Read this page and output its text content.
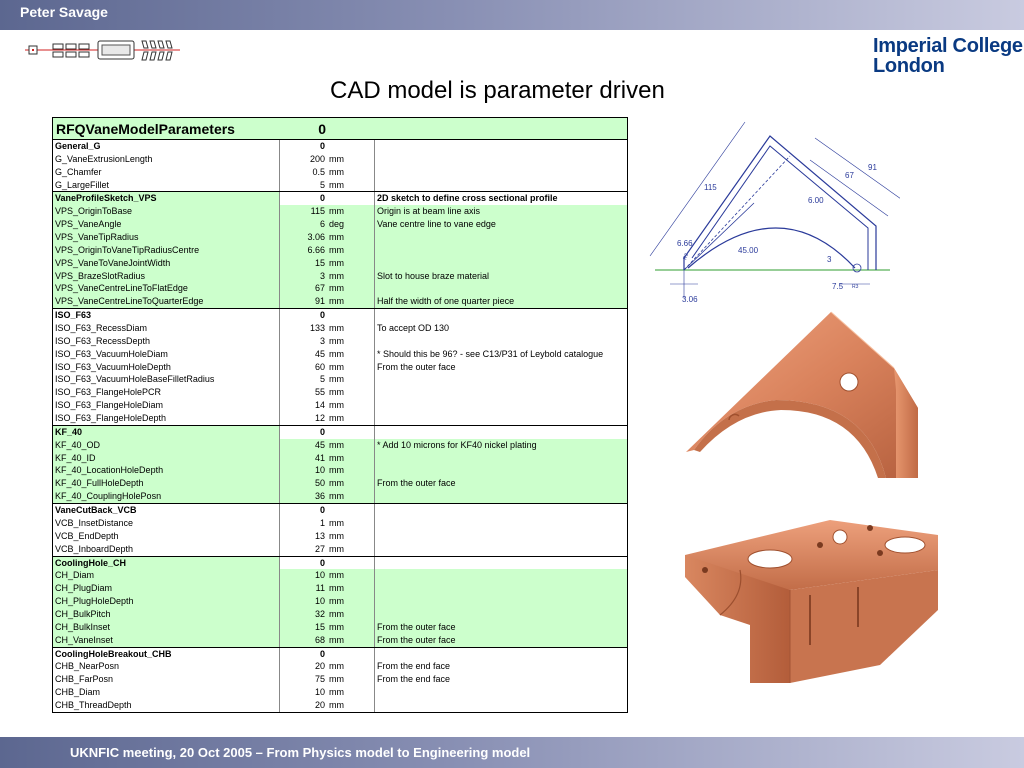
Peter Savage
Imperial College
London
CAD model is parameter driven
RFQVaneModelParameters	0
General_G	0
G_VaneExtrusionLength	200 mm
G_Chamfer	0.5 mm
G_LargeFillet	5 mm
VaneProfileSketch_VPS	0	2D sketch to define cross sectional profile
VPS_OriginToBase	115 mm	Origin is at beam line axis
VPS_VaneAngle	6 deg	Vane centre line to vane edge
VPS_VaneTipRadius	3.06 mm
VPS_OriginToVaneTipRadiusCentre	6.66 mm
VPS_VaneToVaneJointWidth	15 mm
VPS_BrazeSlotRadius	3 mm	Slot to house braze material
VPS_VaneCentreLineToFlatEdge	67 mm
VPS_VaneCentreLineToQuarterEdge	91 mm	Half the width of one quarter piece
ISO_F63	0
ISO_F63_RecessDiam	133 mm	To accept OD 130
ISO_F63_RecessDepth	3 mm
ISO_F63_VacuumHoleDiam	45 mm	* Should this be 96? - see C13/P31 of Leybold catalogue
ISO_F63_VacuumHoleDepth	60 mm	From the outer face
ISO_F63_VacuumHoleBaseFilletRadius	5 mm
ISO_F63_FlangeHolePCR	55 mm
ISO_F63_FlangeHoleDiam	14 mm
ISO_F63_FlangeHoleDepth	12 mm
KF_40	0
KF_40_OD	45 mm	* Add 10 microns for KF40 nickel plating
KF_40_ID	41 mm
KF_40_LocationHoleDepth	10 mm
KF_40_FullHoleDepth	50 mm	From the outer face
KF_40_CouplingHolePosn	36 mm
VaneCutBack_VCB	0
VCB_InsetDistance	1 mm
VCB_EndDepth	13 mm
VCB_InboardDepth	27 mm
CoolingHole_CH	0
CH_Diam	10 mm
CH_PlugDiam	11 mm
CH_PlugHoleDepth	10 mm
CH_BulkPitch	32 mm
CH_BulkInset	15 mm	From the outer face
CH_VaneInset	68 mm	From the outer face
CoolingHoleBreakout_CHB	0
CHB_NearPosn	20 mm	From the end face
CHB_FarPosn	75 mm	From the end face
CHB_Diam	10 mm
CHB_ThreadDepth	20 mm
115
91
67
6.00
45.00
6.66
3
7.5
3.06
R3
R3
UKNFIC meeting, 20 Oct 2005 – From Physics model to Engineering model
